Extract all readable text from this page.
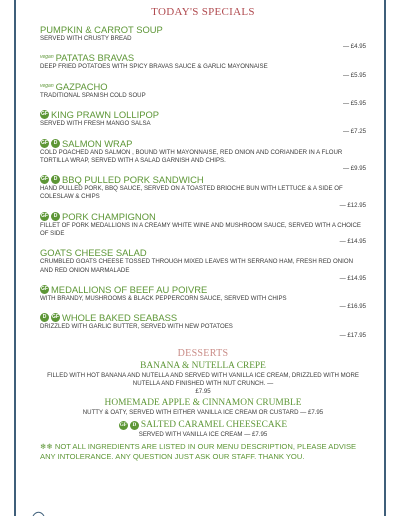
TODAY'S SPECIALS
PUMPKIN & CARROT SOUP
SERVED WITH CRUSTY BREAD
— £4.95
vegan PATATAS BRAVAS
DEEP FRIED POTATOES WITH SPICY BRAVAS SAUCE & GARLIC MAYONNAISE
— £5.95
vegan GAZPACHO
TRADITIONAL SPANISH COLD SOUP
— £5.95
GF KING PRAWN LOLLIPOP
SERVED WITH FRESH MANGO SALSA
— £7.25
GF	D SALMON WRAP
COLD POACHED AND SALMON , BOUND WITH MAYONNAISE, RED ONION AND CORIANDER IN A FLOUR TORTILLA WRAP, SERVED WITH A SALAD GARNISH AND CHIPS.
— £9.95
GF	D BBQ PULLED PORK SANDWICH
HAND PULLED PORK, BBQ SAUCE, SERVED ON A TOASTED BRIOCHE BUN WITH LETTUCE & A SIDE OF COLESLAW & CHIPS
— £12.95
GF	D PORK CHAMPIGNON
FILLET OF PORK MEDALLIONS IN A CREAMY WHITE WINE AND MUSHROOM SAUCE, SERVED WITH A CHOICE OF SIDE
— £14.95
GOATS CHEESE SALAD
CRUMBLED GOATS CHEESE TOSSED THROUGH MIXED LEAVES WITH SERRANO HAM, FRESH RED ONION AND RED ONION MARMALADE
— £14.95
GF MEDALLIONS OF BEEF AU POIVRE
WITH BRANDY, MUSHROOMS & BLACK PEPPERCORN SAUCE, SERVED WITH CHIPS
— £16.95
D	GF WHOLE BAKED SEABASS
DRIZZLED WITH GARLIC BUTTER, SERVED WITH NEW POTATOES
— £17.95
DESSERTS
BANANA & NUTELLA CREPE
FILLED WITH HOT BANANA AND NUTELLA AND SERVED WITH VANILLA ICE CREAM, DRIZZLED WITH MORE NUTELLA AND FINISHED WITH NUT CRUNCH. —
£7.95
HOMEMADE APPLE & CINNAMON CRUMBLE
NUTTY & OATY, SERVED WITH EITHER VANILLA ICE CREAM OR CUSTARD — £7.95
GF	D SALTED CARAMEL CHEESECAKE
SERVED WITH VANILLA ICE CREAM — £7.95
❄❄ NOT ALL INGREDIENTS ARE LISTED IN OUR MENU DESCRIPTION, PLEASE ADVISE ANY INTOLERANCE. ANY QUESTION JUST ASK OUR STAFF. THANK YOU.
